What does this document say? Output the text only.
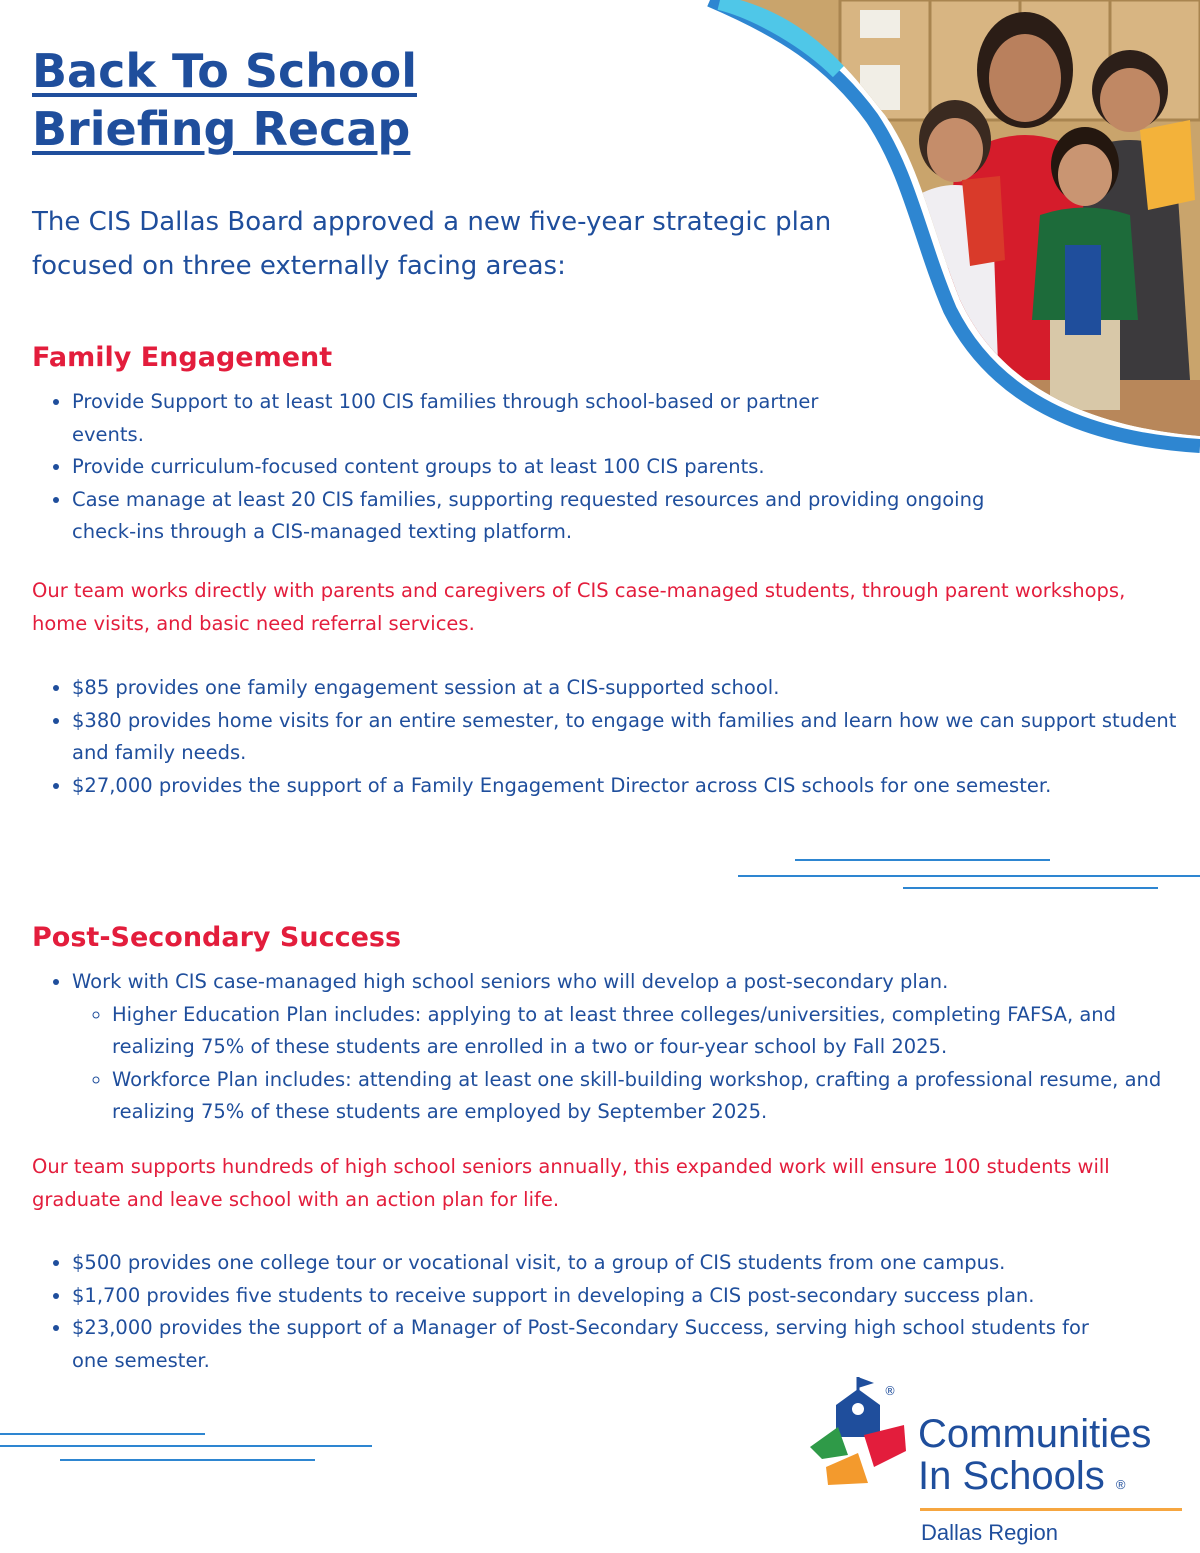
Back To School
Briefing Recap

The CIS Dallas Board approved a new five-year strategic plan focused on three externally facing areas:

Family Engagement
• Provide Support to at least 100 CIS families through school-based or partner events.
• Provide curriculum-focused content groups to at least 100 CIS parents.
• Case manage at least 20 CIS families, supporting requested resources and providing ongoing check-ins through a CIS-managed texting platform.

Our team works directly with parents and caregivers of CIS case-managed students, through parent workshops, home visits, and basic need referral services.

• $85 provides one family engagement session at a CIS-supported school.
• $380 provides home visits for an entire semester, to engage with families and learn how we can support student and family needs.
• $27,000 provides the support of a Family Engagement Director across CIS schools for one semester.
Post-Secondary Success
• Work with CIS case-managed high school seniors who will develop a post-secondary plan.
◦ Higher Education Plan includes: applying to at least three colleges/universities, completing FAFSA, and realizing 75% of these students are enrolled in a two or four-year school by Fall 2025.
◦ Workforce Plan includes: attending at least one skill-building workshop, crafting a professional resume, and realizing 75% of these students are employed by September 2025.

Our team supports hundreds of high school seniors annually, this expanded work will ensure 100 students will graduate and leave school with an action plan for life.

• $500 provides one college tour or vocational visit, to a group of CIS students from one campus.
• $1,700 provides five students to receive support in developing a CIS post-secondary success plan.
• $23,000 provides the support of a Manager of Post-Secondary Success, serving high school students for one semester.
®

Communities
In Schools ®

Dallas Region
